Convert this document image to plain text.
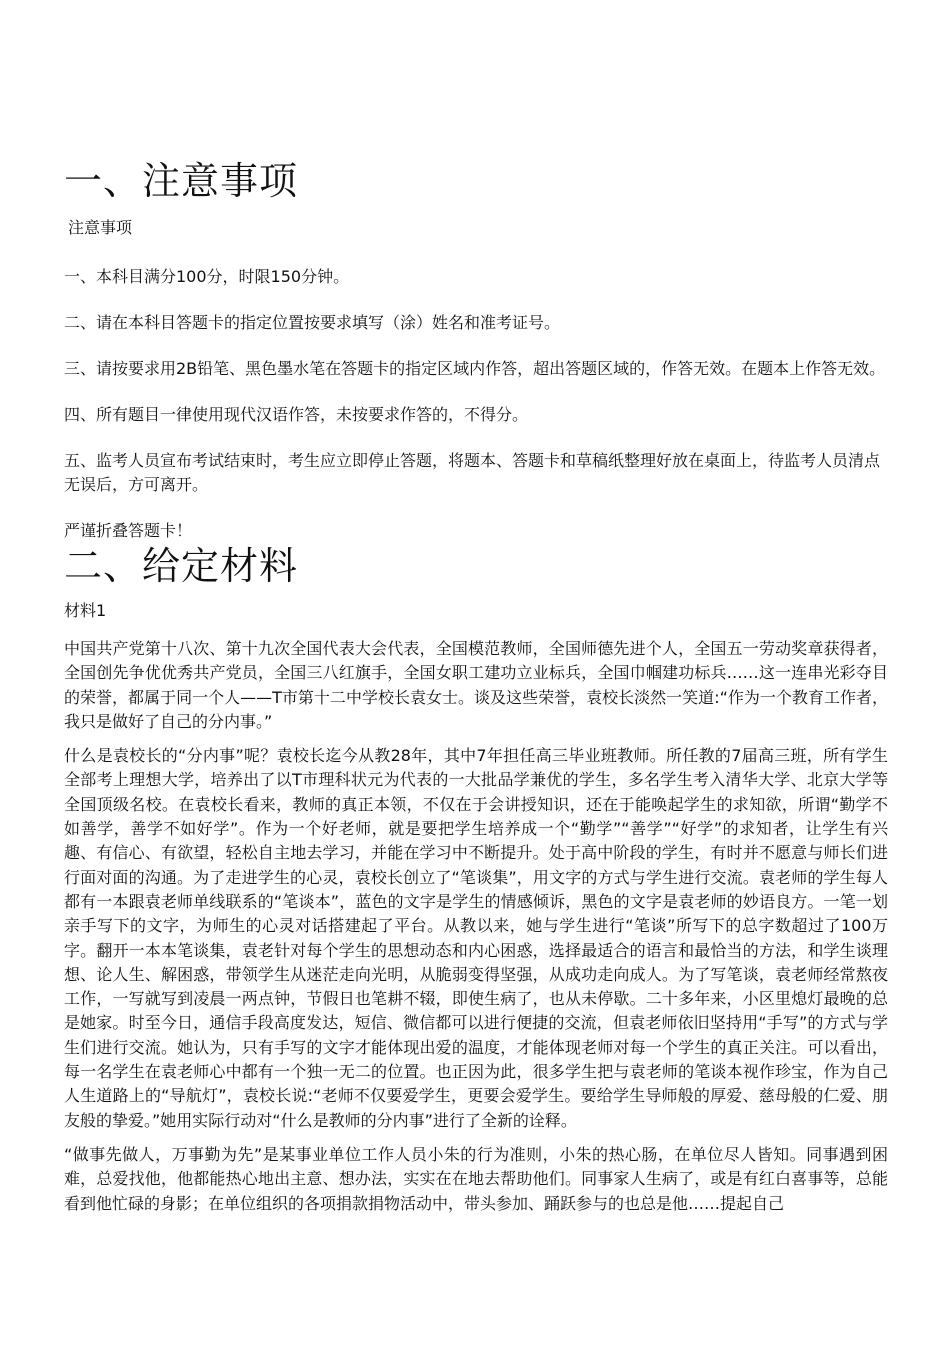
一、注意事项
注意事项

一、本科目满分100分，时限150分钟。

二、请在本科目答题卡的指定位置按要求填写（涂）姓名和准考证号。

三、请按要求用2B铅笔、黑色墨水笔在答题卡的指定区域内作答，超出答题区域的，作答无效。在题本上作答无效。

四、所有题目一律使用现代汉语作答，未按要求作答的，不得分。

五、监考人员宣布考试结束时，考生应立即停止答题，将题本、答题卡和草稿纸整理好放在桌面上，待监考人员清点无误后，方可离开。

严谨折叠答题卡！
二、给定材料
材料1

中国共产党第十八次、第十九次全国代表大会代表，全国模范教师，全国师德先进个人，全国五一劳动奖章获得者，全国创先争优优秀共产党员，全国三八红旗手，全国女职工建功立业标兵，全国巾帼建功标兵……这一连串光彩夺目的荣誉，都属于同一个人——T市第十二中学校长袁女士。谈及这些荣誉，袁校长淡然一笑道:“作为一个教育工作者，我只是做好了自己的分内事。”

什么是袁校长的“分内事”呢？袁校长迄今从教28年，其中7年担任高三毕业班教师。所任教的7届高三班，所有学生全部考上理想大学，培养出了以T市理科状元为代表的一大批品学兼优的学生，多名学生考入清华大学、北京大学等全国顶级名校。在袁校长看来，教师的真正本领，不仅在于会讲授知识，还在于能唤起学生的求知欲，所谓“勤学不如善学，善学不如好学”。作为一个好老师，就是要把学生培养成一个“勤学”“善学”“好学”的求知者，让学生有兴趣、有信心、有欲望，轻松自主地去学习，并能在学习中不断提升。处于高中阶段的学生，有时并不愿意与师长们进行面对面的沟通。为了走进学生的心灵，袁校长创立了“笔谈集”，用文字的方式与学生进行交流。袁老师的学生每人都有一本跟袁老师单线联系的“笔谈本”，蓝色的文字是学生的情感倾诉，黑色的文字是袁老师的妙语良方。一笔一划亲手写下的文字，为师生的心灵对话搭建起了平台。从教以来，她与学生进行“笔谈”所写下的总字数超过了100万字。翻开一本本笔谈集，袁老针对每个学生的思想动态和内心困惑，选择最适合的语言和最恰当的方法，和学生谈理想、论人生、解困惑，带领学生从迷茫走向光明，从脆弱变得坚强，从成功走向成人。为了写笔谈，袁老师经常熬夜工作，一写就写到凌晨一两点钟，节假日也笔耕不辍，即使生病了，也从未停歇。二十多年来，小区里熄灯最晚的总是她家。时至今日，通信手段高度发达，短信、微信都可以进行便捷的交流，但袁老师依旧坚持用“手写”的方式与学生们进行交流。她认为，只有手写的文字才能体现出爱的温度，才能体现老师对每一个学生的真正关注。可以看出，每一名学生在袁老师心中都有一个独一无二的位置。也正因为此，很多学生把与袁老师的笔谈本视作珍宝，作为自己人生道路上的“导航灯”，袁校长说:“老师不仅要爱学生，更要会爱学生。要给学生导师般的厚爱、慈母般的仁爱、朋友般的挚爱。”她用实际行动对“什么是教师的分内事”进行了全新的诠释。

“做事先做人，万事勤为先”是某事业单位工作人员小朱的行为准则，小朱的热心肠，在单位尽人皆知。同事遇到困难，总爱找他，他都能热心地出主意、想办法，实实在在地去帮助他们。同事家人生病了，或是有红白喜事等，总能看到他忙碌的身影；在单位组织的各项捐款捐物活动中，带头参加、踊跃参与的也总是他……提起自己
